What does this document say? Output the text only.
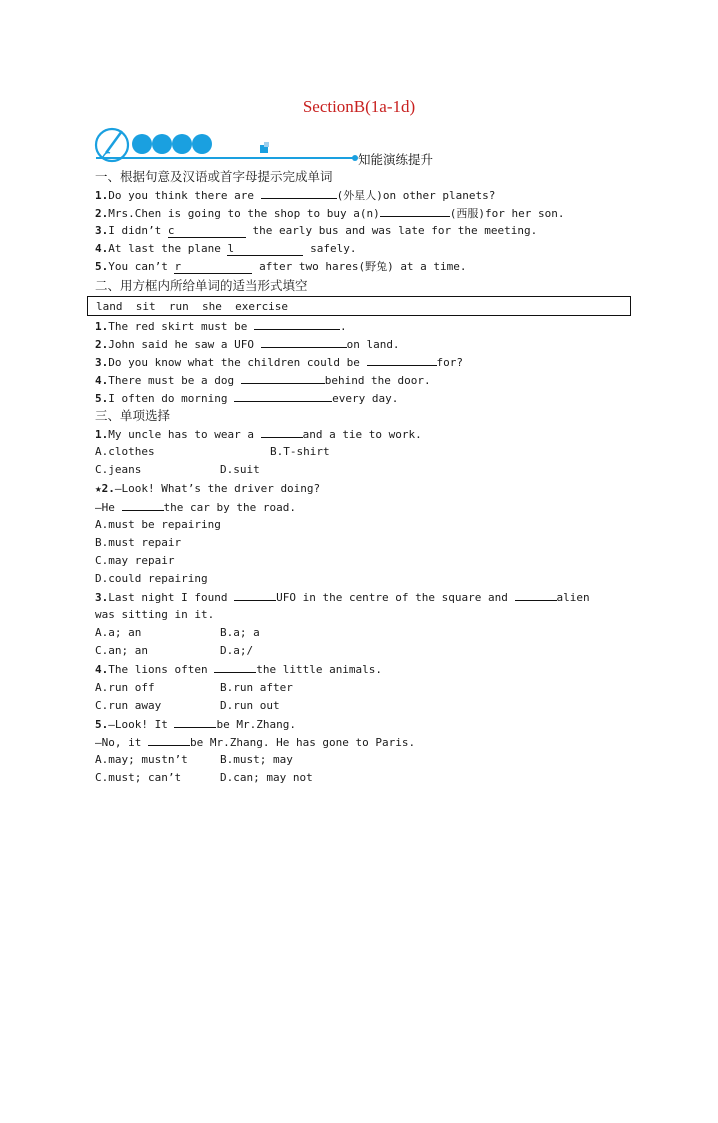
SectionB(1a-1d)
知能演练提升
一、根据句意及汉语或首字母提示完成单词
1.Do you think there are	(外星人)on other planets?
2.Mrs.Chen is going to the shop to buy a(n)	(西服)for her son.
3.I didn’t c	the early bus and was late for the meeting.
4.At last the plane l	safely.
5.You can’t r	after two hares(野兔) at a time.
二、用方框内所给单词的适当形式填空
land  sit  run  she  exercise
1.The red skirt must be	.
2.John said he saw a UFO	on land.
3.Do you know what the children could be	for?
4.There must be a dog	behind the door.
5.I often do morning	every day.
三、单项选择
1.My uncle has to wear a	and a tie to work.
A.clothes	B.T-shirt
C.jeans	D.suit
★2.—Look! What’s the driver doing?
—He	the car by the road.
A.must be repairing
B.must repair
C.may repair
D.could repairing
3.Last night I found	UFO in the centre of the square and	alien
was sitting in it.
A.a; an	B.a; a
C.an; an	D.a;/
4.The lions often	the little animals.
A.run off	B.run after
C.run away	D.run out
5.—Look! It	be Mr.Zhang.
—No, it	be Mr.Zhang. He has gone to Paris.
A.may; mustn’t	B.must; may
C.must; can’t	D.can; may not
